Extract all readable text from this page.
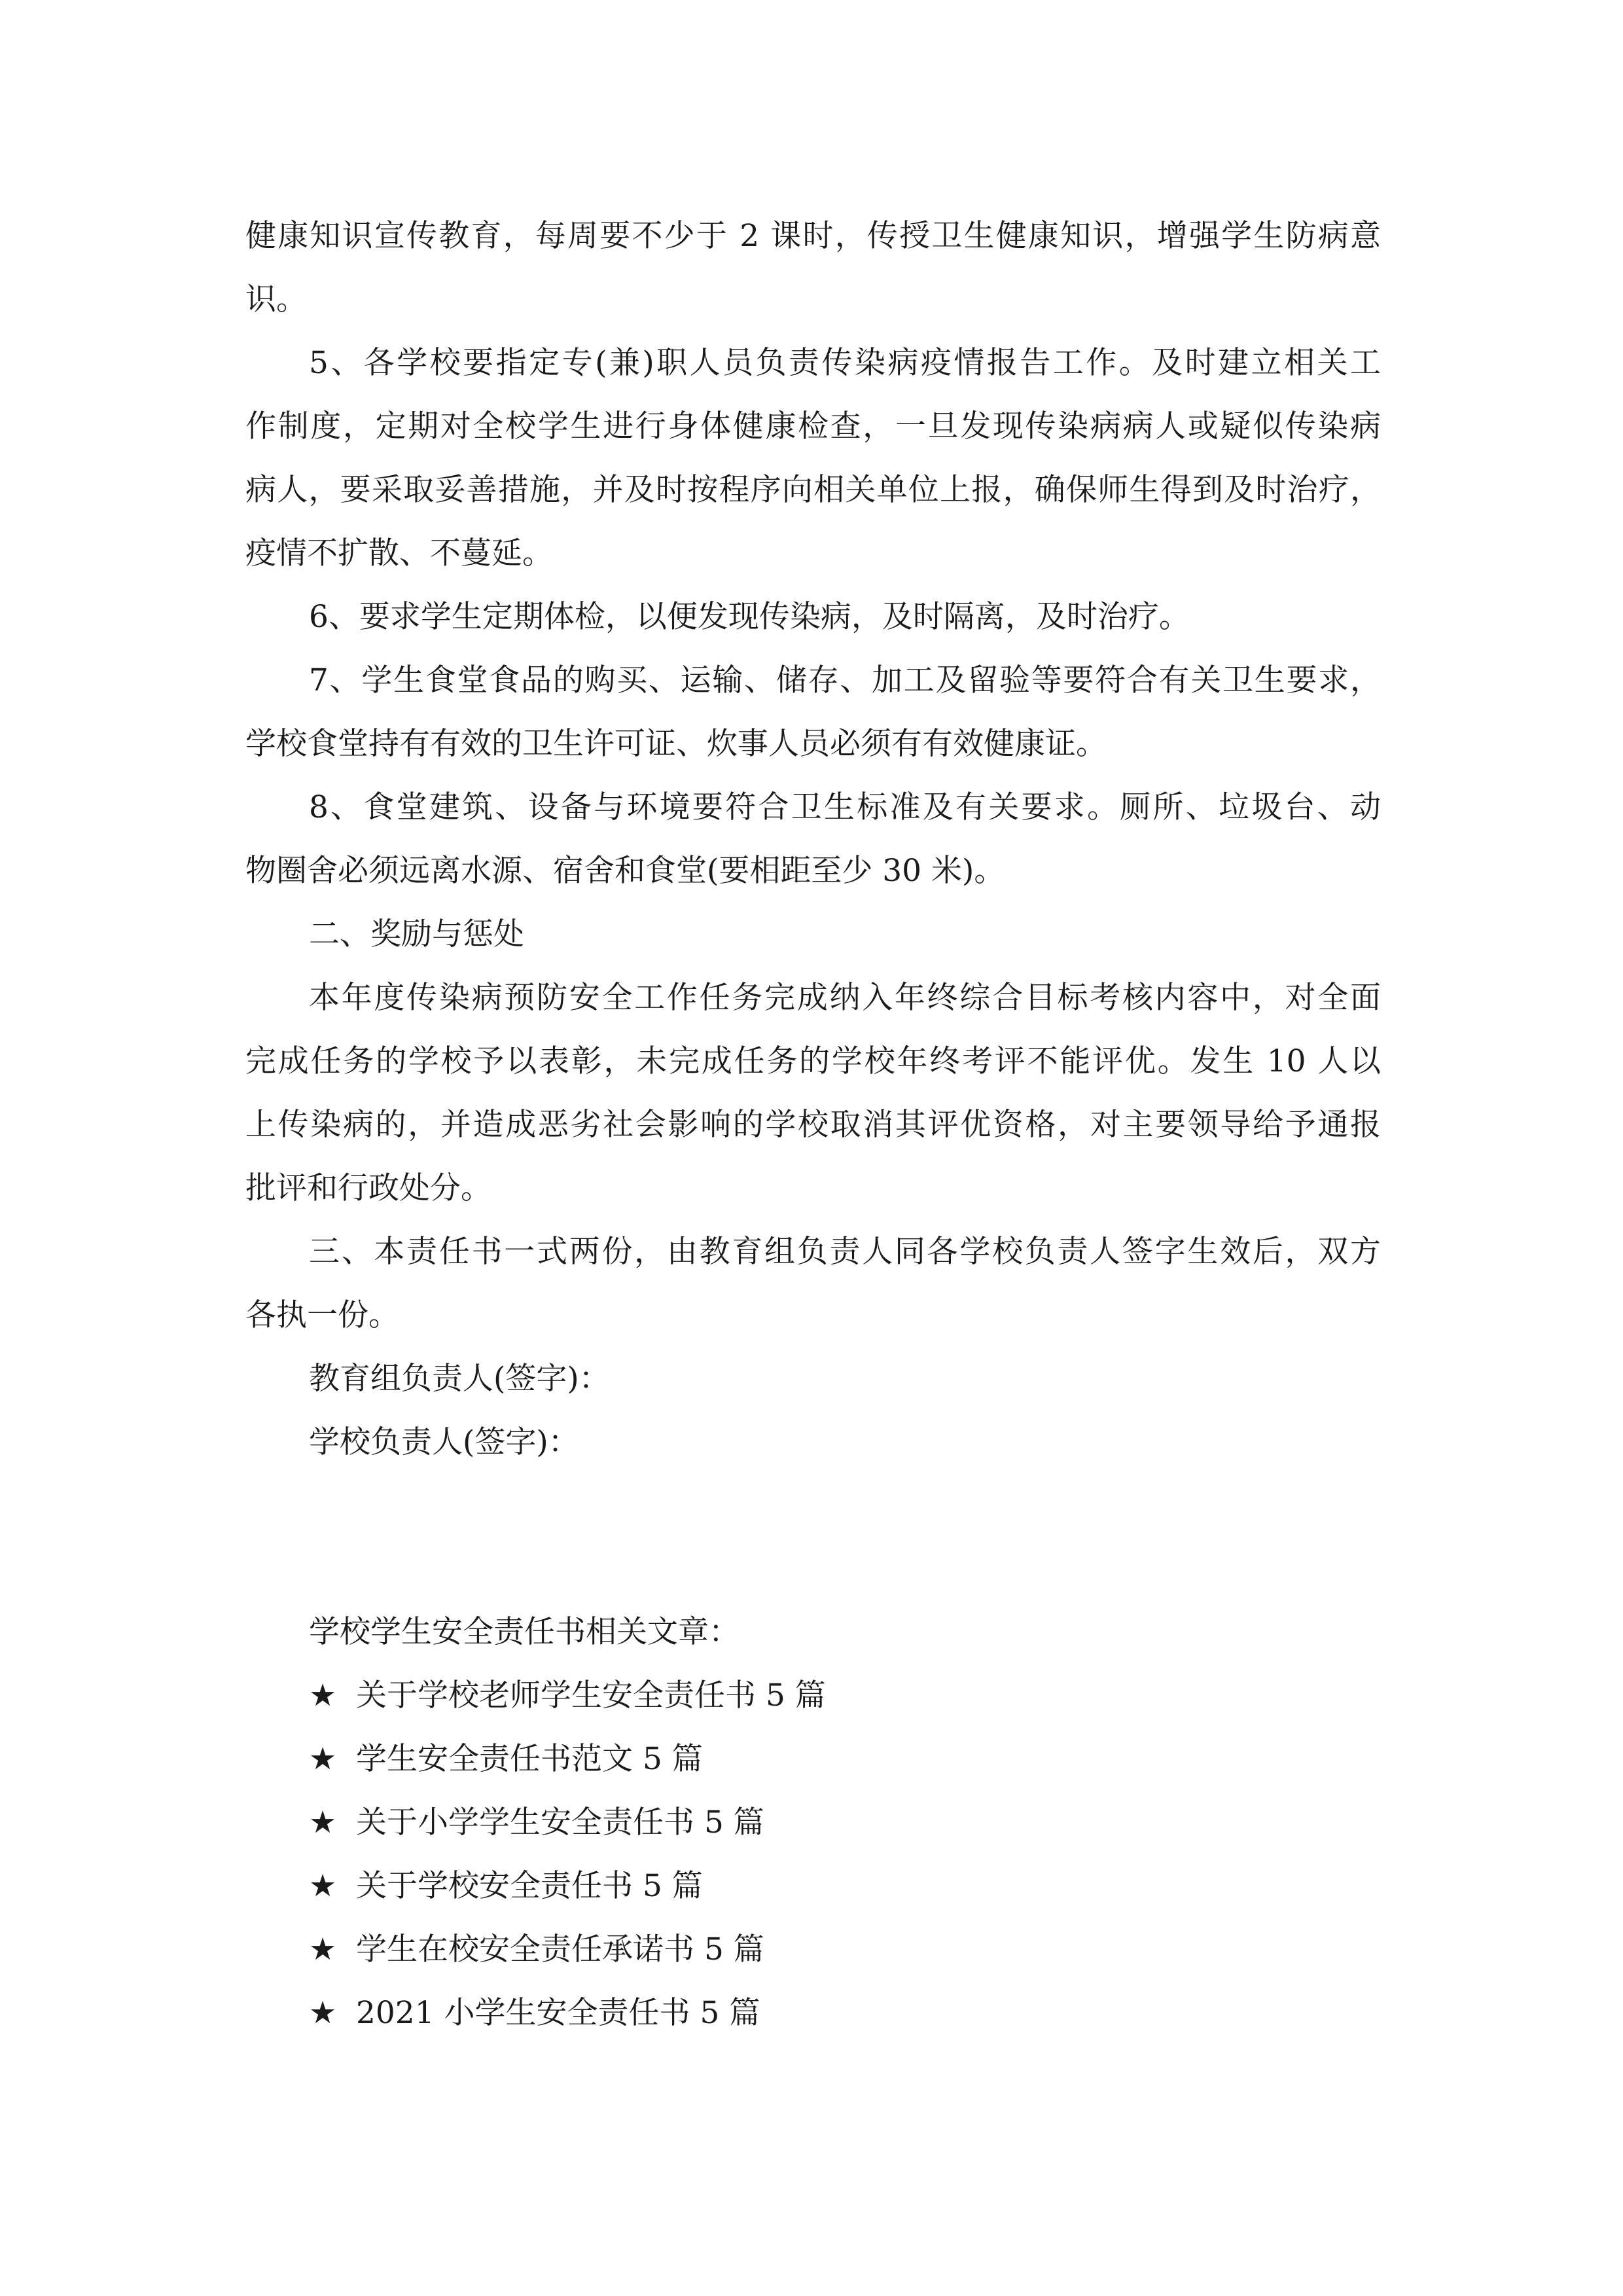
健康知识宣传教育，每周要不少于 2 课时，传授卫生健康知识，增强学生防病意

识。

5、各学校要指定专(兼)职人员负责传染病疫情报告工作。及时建立相关工

作制度，定期对全校学生进行身体健康检查，一旦发现传染病病人或疑似传染病

病人，要采取妥善措施，并及时按程序向相关单位上报，确保师生得到及时治疗，

疫情不扩散、不蔓延。

6、要求学生定期体检，以便发现传染病，及时隔离，及时治疗。

7、学生食堂食品的购买、运输、储存、加工及留验等要符合有关卫生要求，

学校食堂持有有效的卫生许可证、炊事人员必须有有效健康证。

8、食堂建筑、设备与环境要符合卫生标准及有关要求。厕所、垃圾台、动

物圈舍必须远离水源、宿舍和食堂(要相距至少 30 米)。

二、奖励与惩处

本年度传染病预防安全工作任务完成纳入年终综合目标考核内容中，对全面

完成任务的学校予以表彰，未完成任务的学校年终考评不能评优。发生 10 人以

上传染病的，并造成恶劣社会影响的学校取消其评优资格，对主要领导给予通报

批评和行政处分。

三、本责任书一式两份，由教育组负责人同各学校负责人签字生效后，双方

各执一份。

教育组负责人(签字)：

学校负责人(签字)：

学校学生安全责任书相关文章：

★ 关于学校老师学生安全责任书 5 篇

★ 学生安全责任书范文 5 篇

★ 关于小学学生安全责任书 5 篇

★ 关于学校安全责任书 5 篇

★ 学生在校安全责任承诺书 5 篇

★ 2021 小学生安全责任书 5 篇
